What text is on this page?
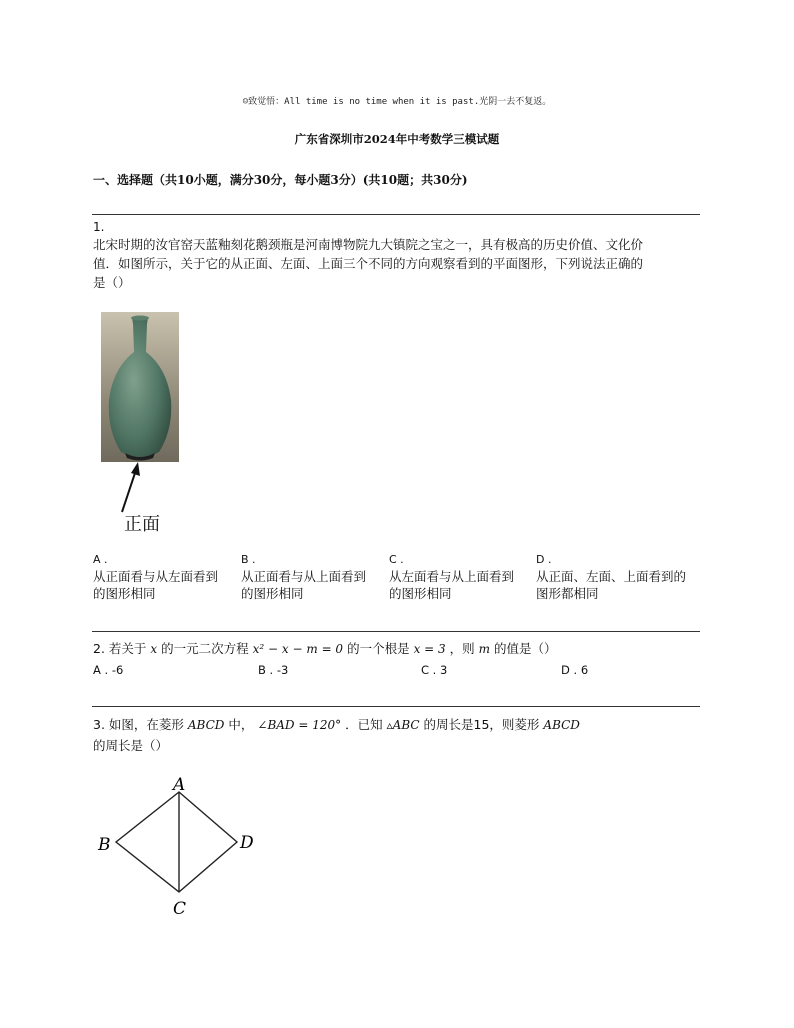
☺致觉悟：All time is no time when it is past.光阴一去不复返。
广东省深圳市2024年中考数学三模试题
一、选择题（共10小题，满分30分，每小题3分）(共10题；共30分)
1.
北宋时期的汝官窑天蓝釉刻花鹅颈瓶是河南博物院九大镇院之宝之一，具有极高的历史价值、文化价
值．如图所示，关于它的从正面、左面、上面三个不同的方向观察看到的平面图形，下列说法正确的
是（）
正面
A .
从正面看与从左面看到
的图形相同
B .
从正面看与从上面看到
的图形相同
C .
从左面看与从上面看到
的图形相同
D .
从正面、左面、上面看到的
图形都相同
2. 若关于 x 的一元二次方程 x² − x − m = 0 的一个根是 x = 3 ，则 m 的值是（）
A . -6	B . -3	C . 3	D . 6
3. 如图，在菱形 ABCD 中， ∠BAD = 120° ．已知 ▵ABC 的周长是15，则菱形 ABCD
的周长是（）
A
B
C
D
